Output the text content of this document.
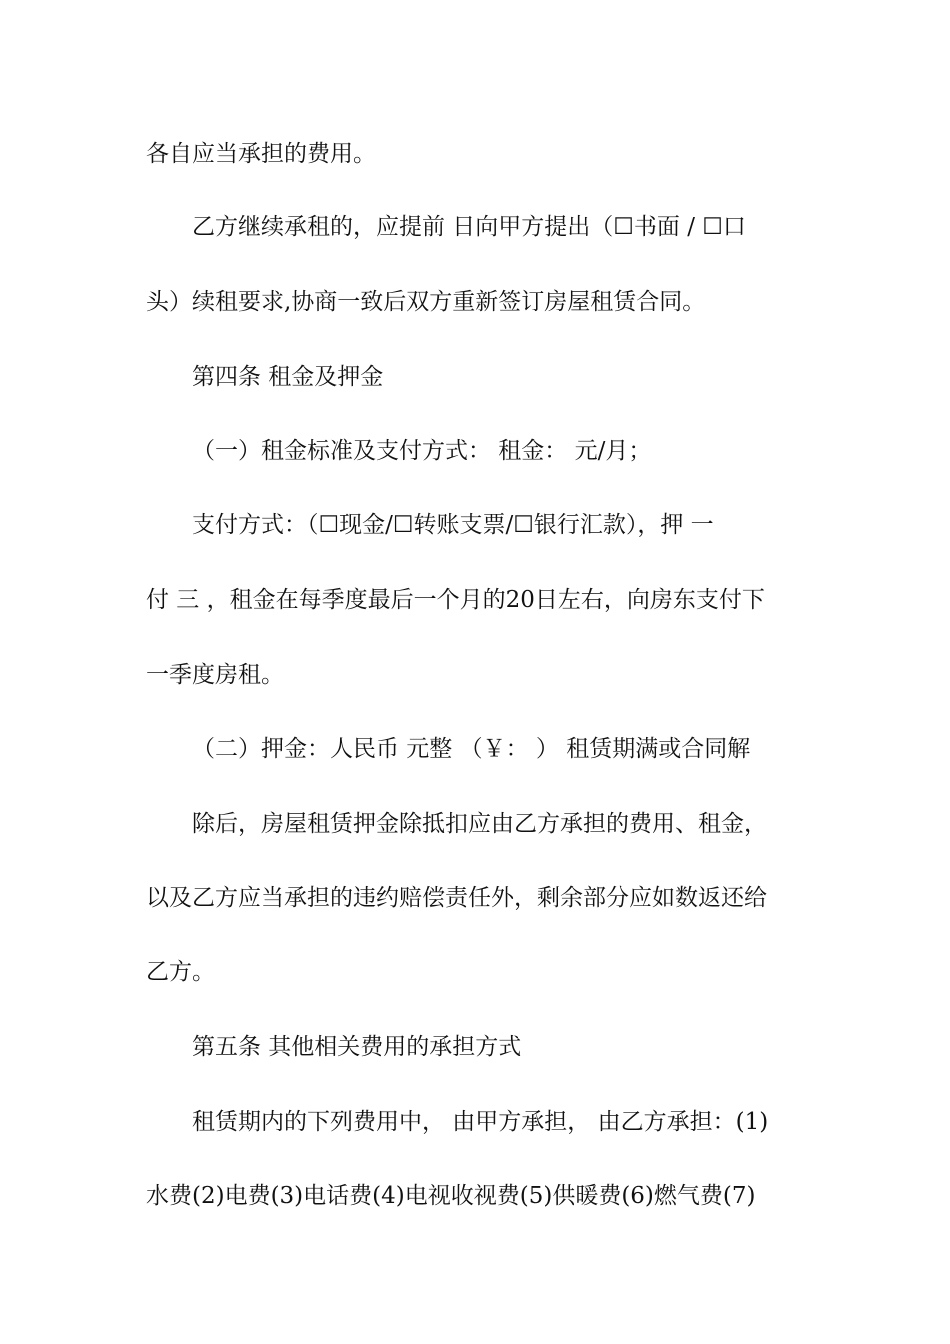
各自应当承担的费用。
乙方继续承租的，应提前 日向甲方提出（☐书面 / ☐口
头）续租要求,协商一致后双方重新签订房屋租赁合同。
第四条 租金及押金
（一）租金标准及支付方式： 租金： 元/月；
支付方式：（☐现金/☐转账支票/☐银行汇款），押 一
付 三 ，租金在每季度最后一个月的20日左右，向房东支付下
一季度房租。
（二）押金：人民币 元整 （￥： ） 租赁期满或合同解
除后，房屋租赁押金除抵扣应由乙方承担的费用、租金，
以及乙方应当承担的违约赔偿责任外，剩余部分应如数返还给
乙方。
第五条 其他相关费用的承担方式
租赁期内的下列费用中， 由甲方承担， 由乙方承担：(1)
水费(2)电费(3)电话费(4)电视收视费(5)供暖费(6)燃气费(7)
